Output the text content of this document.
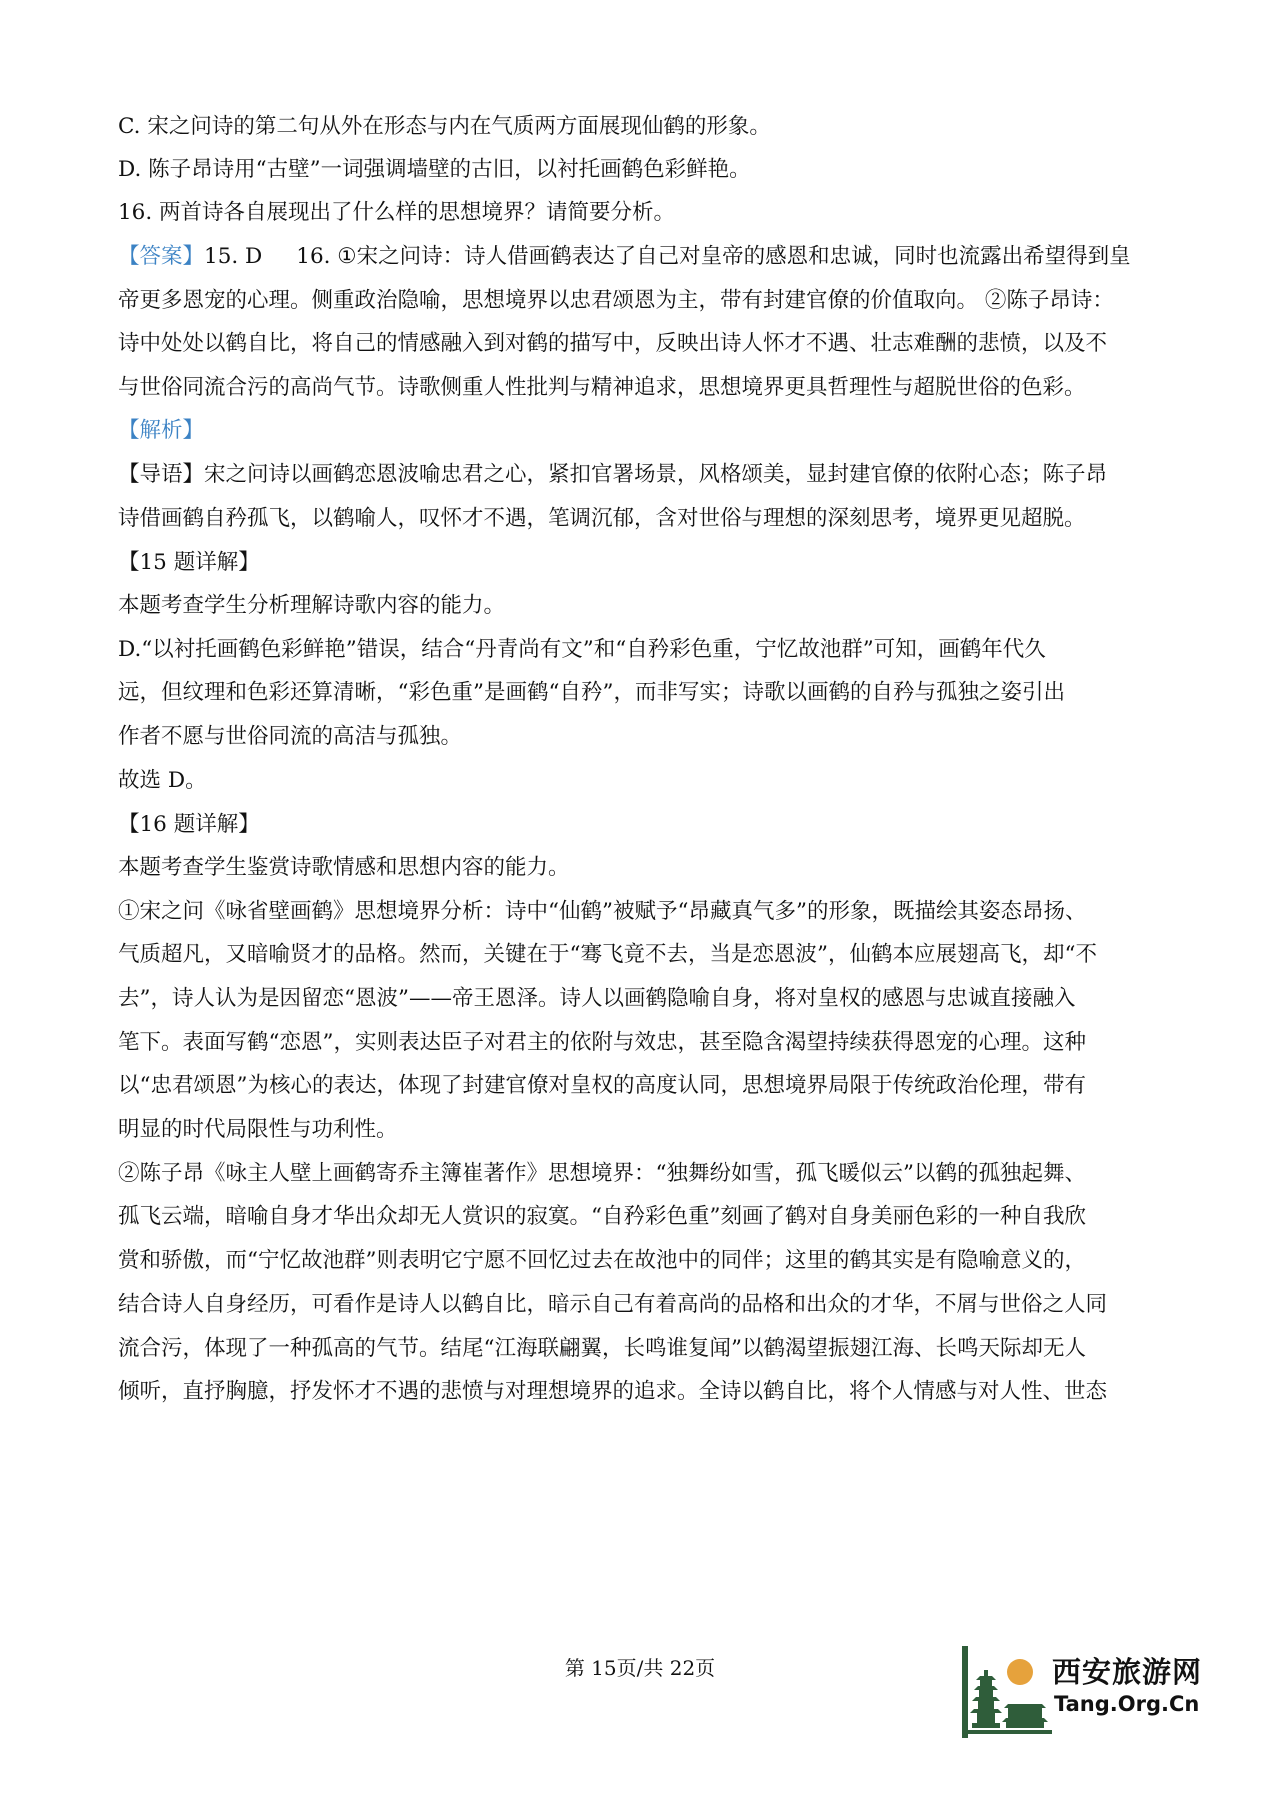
C. 宋之问诗的第二句从外在形态与内在气质两方面展现仙鹤的形象。
D. 陈子昂诗用“古壁”一词强调墙壁的古旧，以衬托画鹤色彩鲜艳。
16. 两首诗各自展现出了什么样的思想境界？请简要分析。
【答案】15. D 16. ①宋之问诗：诗人借画鹤表达了自己对皇帝的感恩和忠诚，同时也流露出希望得到皇
帝更多恩宠的心理。侧重政治隐喻，思想境界以忠君颂恩为主，带有封建官僚的价值取向。 ②陈子昂诗：
诗中处处以鹤自比，将自己的情感融入到对鹤的描写中，反映出诗人怀才不遇、壮志难酬的悲愤，以及不
与世俗同流合污的高尚气节。诗歌侧重人性批判与精神追求，思想境界更具哲理性与超脱世俗的色彩。
【解析】
【导语】宋之问诗以画鹤恋恩波喻忠君之心，紧扣官署场景，风格颂美，显封建官僚的依附心态；陈子昂
诗借画鹤自矜孤飞，以鹤喻人，叹怀才不遇，笔调沉郁，含对世俗与理想的深刻思考，境界更见超脱。
【15 题详解】
本题考查学生分析理解诗歌内容的能力。
D.“以衬托画鹤色彩鲜艳”错误，结合“丹青尚有文”和“自矜彩色重，宁忆故池群”可知，画鹤年代久
远，但纹理和色彩还算清晰，“彩色重”是画鹤“自矜”，而非写实；诗歌以画鹤的自矜与孤独之姿引出
作者不愿与世俗同流的高洁与孤独。
故选 D。
【16 题详解】
本题考查学生鉴赏诗歌情感和思想内容的能力。
①宋之问《咏省壁画鹤》思想境界分析：诗中“仙鹤”被赋予“昂藏真气多”的形象，既描绘其姿态昂扬、
气质超凡，又暗喻贤才的品格。然而，关键在于“骞飞竟不去，当是恋恩波”，仙鹤本应展翅高飞，却“不
去”，诗人认为是因留恋“恩波”——帝王恩泽。诗人以画鹤隐喻自身，将对皇权的感恩与忠诚直接融入
笔下。表面写鹤“恋恩”，实则表达臣子对君主的依附与效忠，甚至隐含渴望持续获得恩宠的心理。这种
以“忠君颂恩”为核心的表达，体现了封建官僚对皇权的高度认同，思想境界局限于传统政治伦理，带有
明显的时代局限性与功利性。
②陈子昂《咏主人壁上画鹤寄乔主簿崔著作》思想境界：“独舞纷如雪，孤飞暖似云”以鹤的孤独起舞、
孤飞云端，暗喻自身才华出众却无人赏识的寂寞。“自矜彩色重”刻画了鹤对自身美丽色彩的一种自我欣
赏和骄傲，而“宁忆故池群”则表明它宁愿不回忆过去在故池中的同伴；这里的鹤其实是有隐喻意义的，
结合诗人自身经历，可看作是诗人以鹤自比，暗示自己有着高尚的品格和出众的才华，不屑与世俗之人同
流合污，体现了一种孤高的气节。结尾“江海联翩翼，长鸣谁复闻”以鹤渴望振翅江海、长鸣天际却无人
倾听，直抒胸臆，抒发怀才不遇的悲愤与对理想境界的追求。全诗以鹤自比，将个人情感与对人性、世态
第 15页/共 22页	西安旅游网
Tang.Org.Cn
